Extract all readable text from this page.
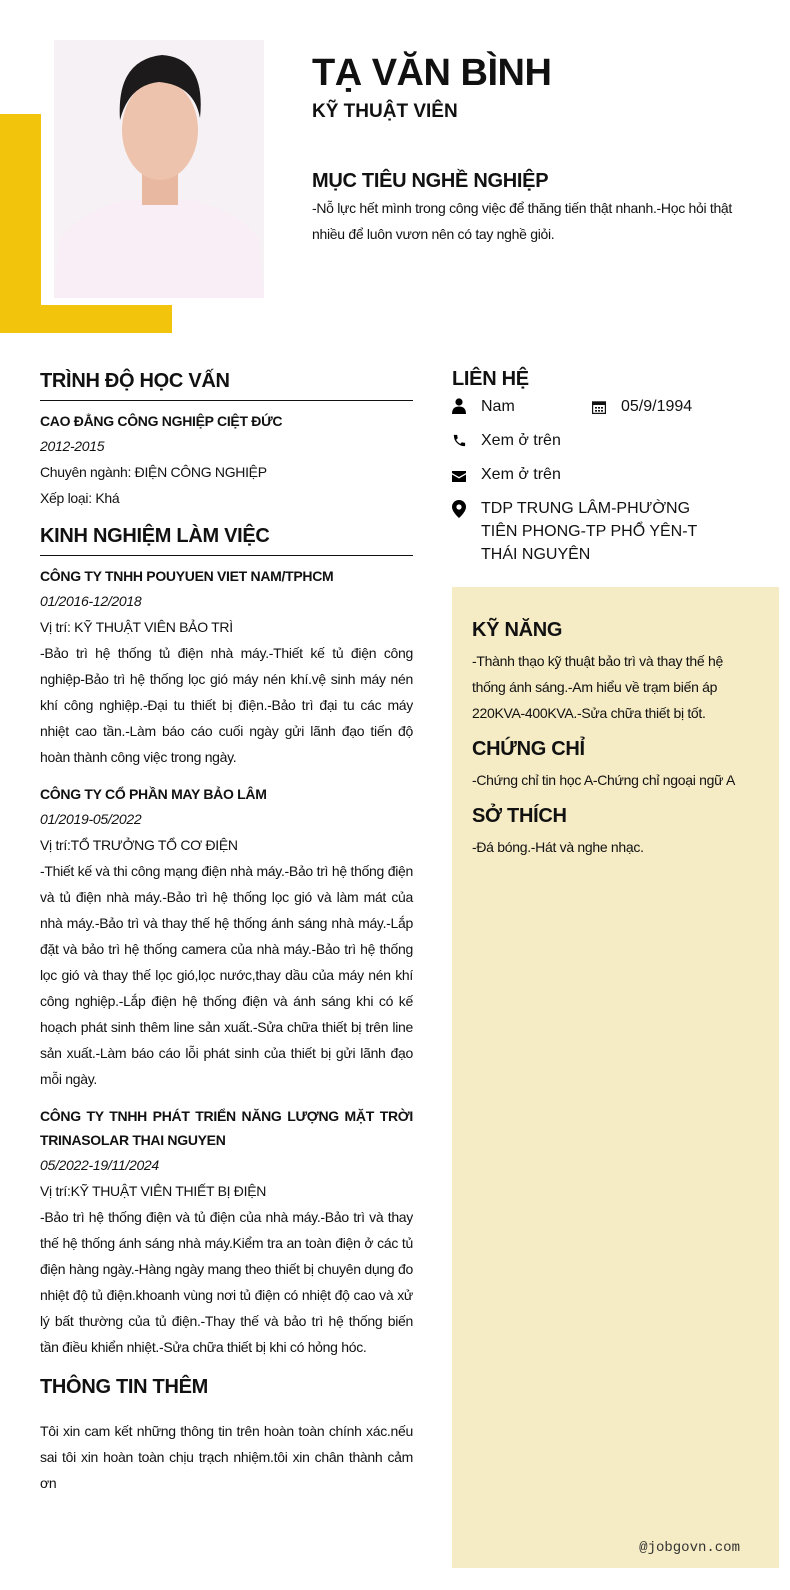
TẠ VĂN BÌNH
KỸ THUẬT VIÊN
MỤC TIÊU NGHỀ NGHIỆP

-Nỗ lực hết mình trong công việc để thăng tiến thật nhanh.-Học hỏi thật nhiều để luôn vươn nên có tay nghề giỏi.

TRÌNH ĐỘ HỌC VẤN
CAO ĐẲNG CÔNG NGHIỆP CIỆT ĐỨC
2012-2015
Chuyên ngành: ĐIỆN CÔNG NGHIỆP
Xếp loại: Khá
KINH NGHIỆM LÀM VIỆC
CÔNG TY TNHH POUYUEN VIET NAM/TPHCM
01/2016-12/2018
Vị trí: KỸ THUẬT VIÊN BẢO TRÌ
-Bảo trì hệ thống tủ điện nhà máy.-Thiết kế tủ điện công nghiệp-Bảo trì hệ thống lọc gió máy nén khí.vệ sinh máy nén khí công nghiệp.-Đại tu thiết bị điện.-Bảo trì đại tu các máy nhiệt cao tần.-Làm báo cáo cuối ngày gửi lãnh đạo tiến độ hoàn thành công việc trong ngày.
CÔNG TY CỔ PHẦN MAY BẢO LÂM
01/2019-05/2022
Vị trí:TỔ TRƯỞNG TỔ CƠ ĐIỆN
-Thiết kế và thi công mạng điện nhà máy.-Bảo trì hệ thống điện và tủ điện nhà máy.-Bảo trì hệ thống lọc gió và làm mát của nhà máy.-Bảo trì và thay thế hệ thống ánh sáng nhà máy.-Lắp đặt và bảo trì hệ thống camera của nhà máy.-Bảo trì hệ thống lọc gió và thay thế lọc gió,lọc nước,thay dầu của máy nén khí công nghiệp.-Lắp điện hệ thống điện và ánh sáng khi có kế hoạch phát sinh thêm line sản xuất.-Sửa chữa thiết bị trên line sản xuất.-Làm báo cáo lỗi phát sinh của thiết bị gửi lãnh đạo mỗi ngày.
CÔNG TY TNHH PHÁT TRIỂN NĂNG LƯỢNG MẶT TRỜI TRINASOLAR THAI NGUYEN
05/2022-19/11/2024
Vị trí:KỸ THUẬT VIÊN THIẾT BỊ ĐIỆN
-Bảo trì hệ thống điện và tủ điện của nhà máy.-Bảo trì và thay thế hệ thống ánh sáng nhà máy.Kiểm tra an toàn điện ở các tủ điện hàng ngày.-Hàng ngày mang theo thiết bị chuyên dụng đo nhiệt độ tủ điện.khoanh vùng nơi tủ điện có nhiệt độ cao và xử lý bất thường của tủ điện.-Thay thế và bảo trì hệ thống biến tần điều khiển nhiệt.-Sửa chữa thiết bị khi có hỏng hóc.
THÔNG TIN THÊM
Tôi xin cam kết những thông tin trên hoàn toàn chính xác.nếu sai tôi xin hoàn toàn chịu trạch nhiệm.tôi xin chân thành cảm ơn
LIÊN HỆ
Nam	05/9/1994
Xem ở trên
Xem ở trên
TDP TRUNG LÂM-PHƯỜNG TIÊN PHONG-TP PHỔ YÊN-T THÁI NGUYÊN
KỸ NĂNG
-Thành thạo kỹ thuật bảo trì và thay thế hệ thống ánh sáng.-Am hiểu về trạm biến áp 220KVA-400KVA.-Sửa chữa thiết bị tốt.
CHỨNG CHỈ
-Chứng chỉ tin học A-Chứng chỉ ngoại ngữ A
SỞ THÍCH
-Đá bóng.-Hát và nghe nhạc.
@jobgovn.com
